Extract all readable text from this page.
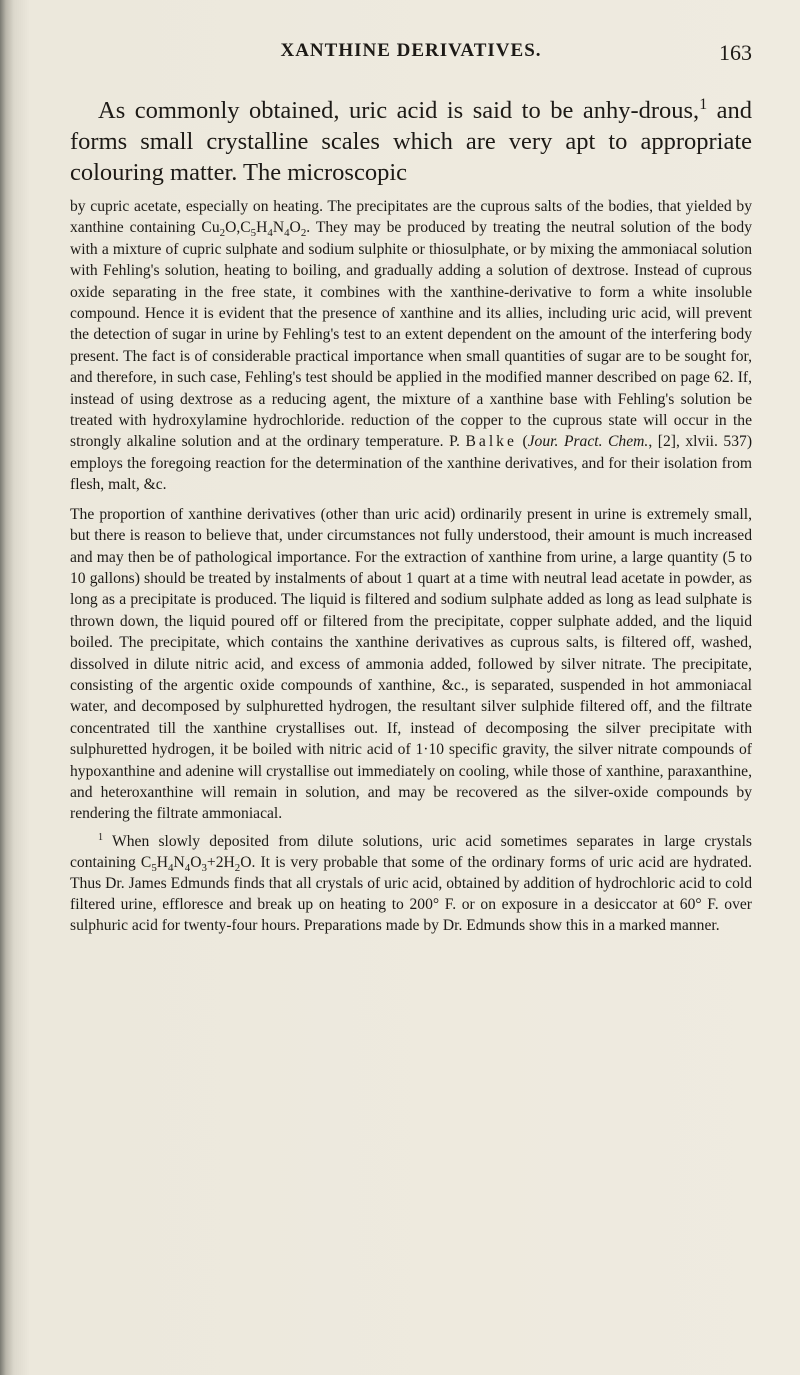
XANTHINE DERIVATIVES.	163

As commonly obtained, uric acid is said to be anhy-drous,$^1$ and forms small crystalline scales which are very apt to appropriate colouring matter. The microscopic

by cupric acetate, especially on heating. The precipitates are the cuprous salts of the bodies, that yielded by xanthine containing $Cu_2O,C_5H_4N_4O_2$. They may be produced by treating the neutral solution of the body with a mixture of cupric sulphate and sodium sulphite or thiosulphate, or by mixing the ammoniacal solution with Fehling's solution, heating to boiling, and gradually adding a solution of dextrose. Instead of cuprous oxide separating in the free state, it combines with the xanthine-derivative to form a white insoluble compound. Hence it is evident that the presence of xanthine and its allies, including uric acid, will prevent the detection of sugar in urine by Fehling's test to an extent dependent on the amount of the interfering body present. The fact is of considerable practical importance when small quantities of sugar are to be sought for, and therefore, in such case, Fehling's test should be applied in the modified manner described on page 62. If, instead of using dextrose as a reducing agent, the mixture of a xanthine base with Fehling's solution be treated with hydroxylamine hydrochloride. reduction of the copper to the cuprous state will occur in the strongly alkaline solution and at the ordinary temperature. P. Balke (Jour. Pract. Chem., [2], xlvii. 537) employs the foregoing reaction for the determination of the xanthine derivatives, and for their isolation from flesh, malt, &c.

The proportion of xanthine derivatives (other than uric acid) ordinarily present in urine is extremely small, but there is reason to believe that, under circumstances not fully understood, their amount is much increased and may then be of pathological importance. For the extraction of xanthine from urine, a large quantity (5 to 10 gallons) should be treated by instalments of about 1 quart at a time with neutral lead acetate in powder, as long as a precipitate is produced. The liquid is filtered and sodium sulphate added as long as lead sulphate is thrown down, the liquid poured off or filtered from the precipitate, copper sulphate added, and the liquid boiled. The precipitate, which contains the xanthine derivatives as cuprous salts, is filtered off, washed, dissolved in dilute nitric acid, and excess of ammonia added, followed by silver nitrate. The precipitate, consisting of the argentic oxide compounds of xanthine, &c., is separated, suspended in hot ammoniacal water, and decomposed by sulphuretted hydrogen, the resultant silver sulphide filtered off, and the filtrate concentrated till the xanthine crystallises out. If, instead of decomposing the silver precipitate with sulphuretted hydrogen, it be boiled with nitric acid of 1·10 specific gravity, the silver nitrate compounds of hypoxanthine and adenine will crystallise out immediately on cooling, while those of xanthine, paraxanthine, and heteroxanthine will remain in solution, and may be recovered as the silver-oxide compounds by rendering the filtrate ammoniacal.

$^1$ When slowly deposited from dilute solutions, uric acid sometimes separates in large crystals containing $C_5H_4N_4O_3+2H_2O$. It is very probable that some of the ordinary forms of uric acid are hydrated. Thus Dr. James Edmunds finds that all crystals of uric acid, obtained by addition of hydrochloric acid to cold filtered urine, effloresce and break up on heating to 200° F. or on exposure in a desiccator at 60° F. over sulphuric acid for twenty-four hours. Preparations made by Dr. Edmunds show this in a marked manner.
